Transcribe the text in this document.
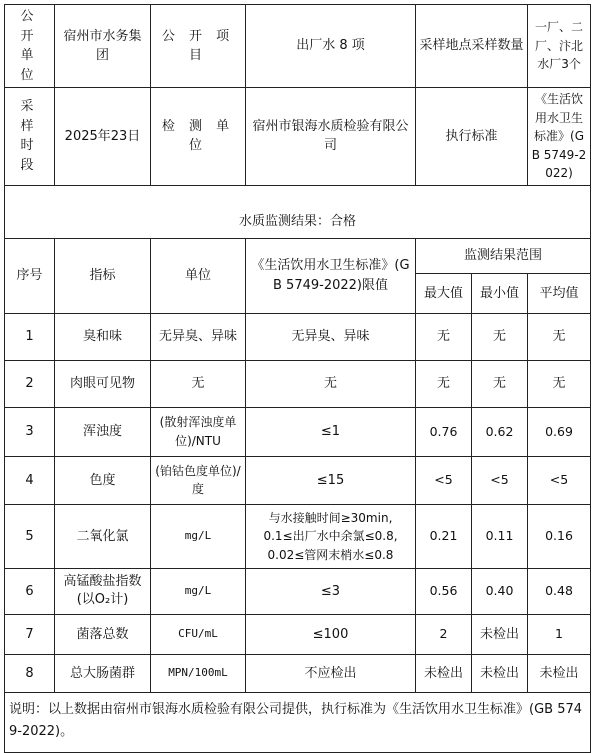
公 开 单 位	宿州市水务集团	公 开 项 目	出厂水 8 项	采样地点采样数量		一厂、二厂、汴北水厂3个
采 样 时 段	2025年23日	检 测 单 位	宿州市银海水质检验有限公司	执行标准		《生活饮用水卫生标准》(GB 5749-2022)

水质监测结果：合格						

序号	指标	单位	《生活饮用水卫生标准》(GB 5749-2022)限值	监测结果范围		
				最大值	最小值	平均值
1	臭和味	无异臭、异味	无异臭、异味	无	无	无
2	肉眼可见物	无	无	无	无	无
3	浑浊度	(散射浑浊度单位)/NTU	≤1	0.76	0.62	0.69
4	色度	(铂钴色度单位)/度	≤15	<5	<5	<5
5	二氧化氯	mg/L	与水接触时间≥30min,
0.1≤出厂水中余氯≤0.8,
0.02≤管网末梢水≤0.8	0.21	0.11	0.16
6	高锰酸盐指数
(以O₂计)	mg/L	≤3	0.56	0.40	0.48
7	菌落总数	CFU/mL	≤100	2	未检出	1
8	总大肠菌群	MPN/100mL	不应检出	未检出	未检出	未检出
说明：以上数据由宿州市银海水质检验有限公司提供，执行标准为《生活饮用水卫生标准》(GB 5749-2022)。						
